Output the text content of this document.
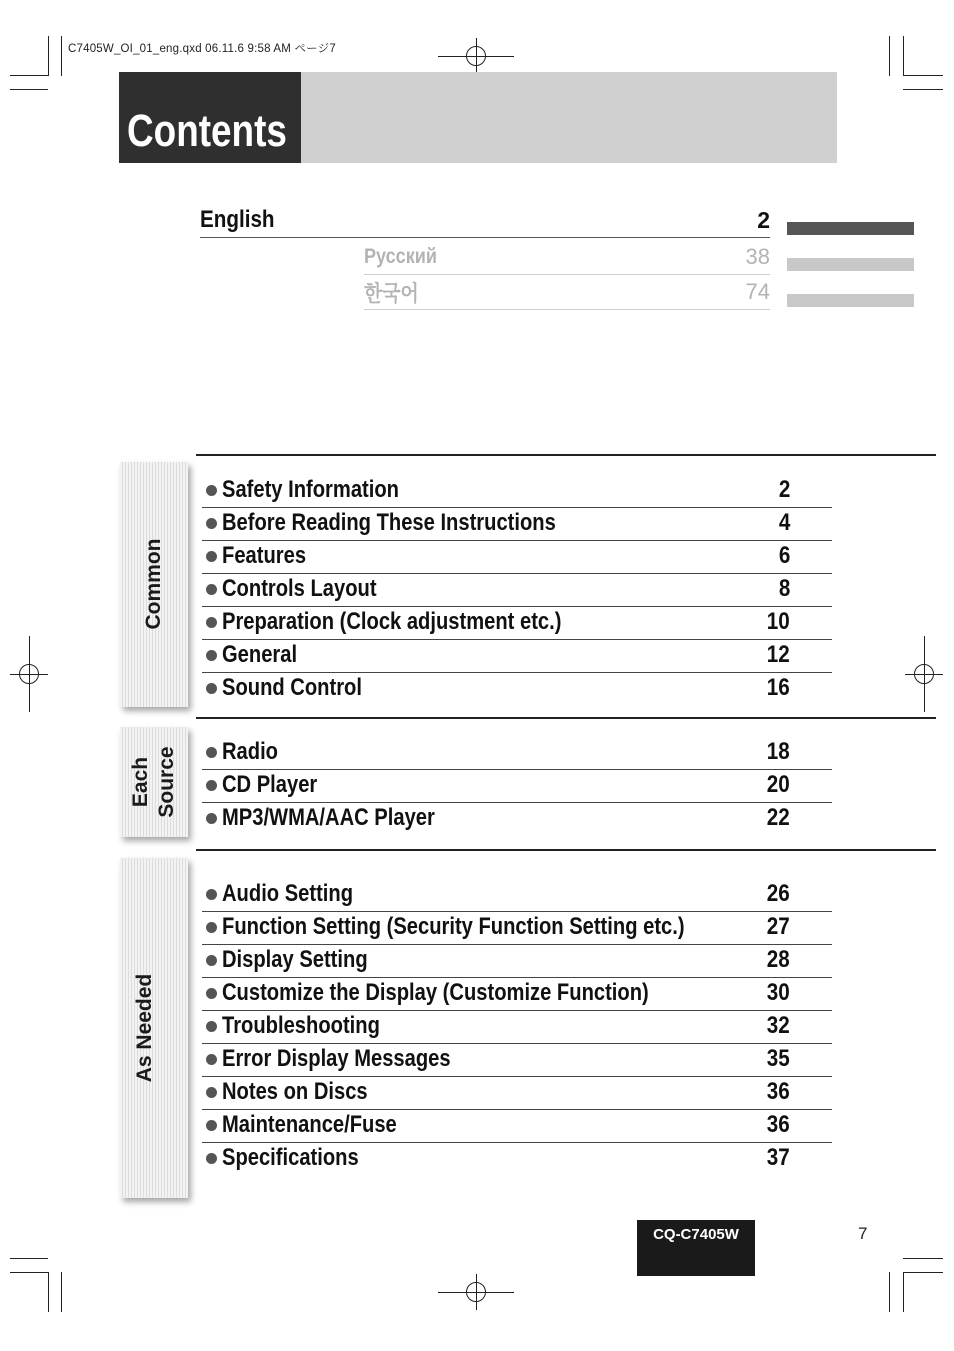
C7405W_OI_01_eng.qxd 06.11.6 9:58 AM ページ7
Contents
English	2
Русский	38
한국어	74
Common
Each Source
As Needed
Safety Information	2
Before Reading These Instructions	4
Features	6
Controls Layout	8
Preparation (Clock adjustment etc.)	10
General	12
Sound Control	16
Radio	18
CD Player	20
MP3/WMA/AAC Player	22
Audio Setting	26
Function Setting (Security Function Setting etc.)	27
Display Setting	28
Customize the Display (Customize Function)	30
Troubleshooting	32
Error Display Messages	35
Notes on Discs	36
Maintenance/Fuse	36
Specifications	37
CQ-C7405W	7
